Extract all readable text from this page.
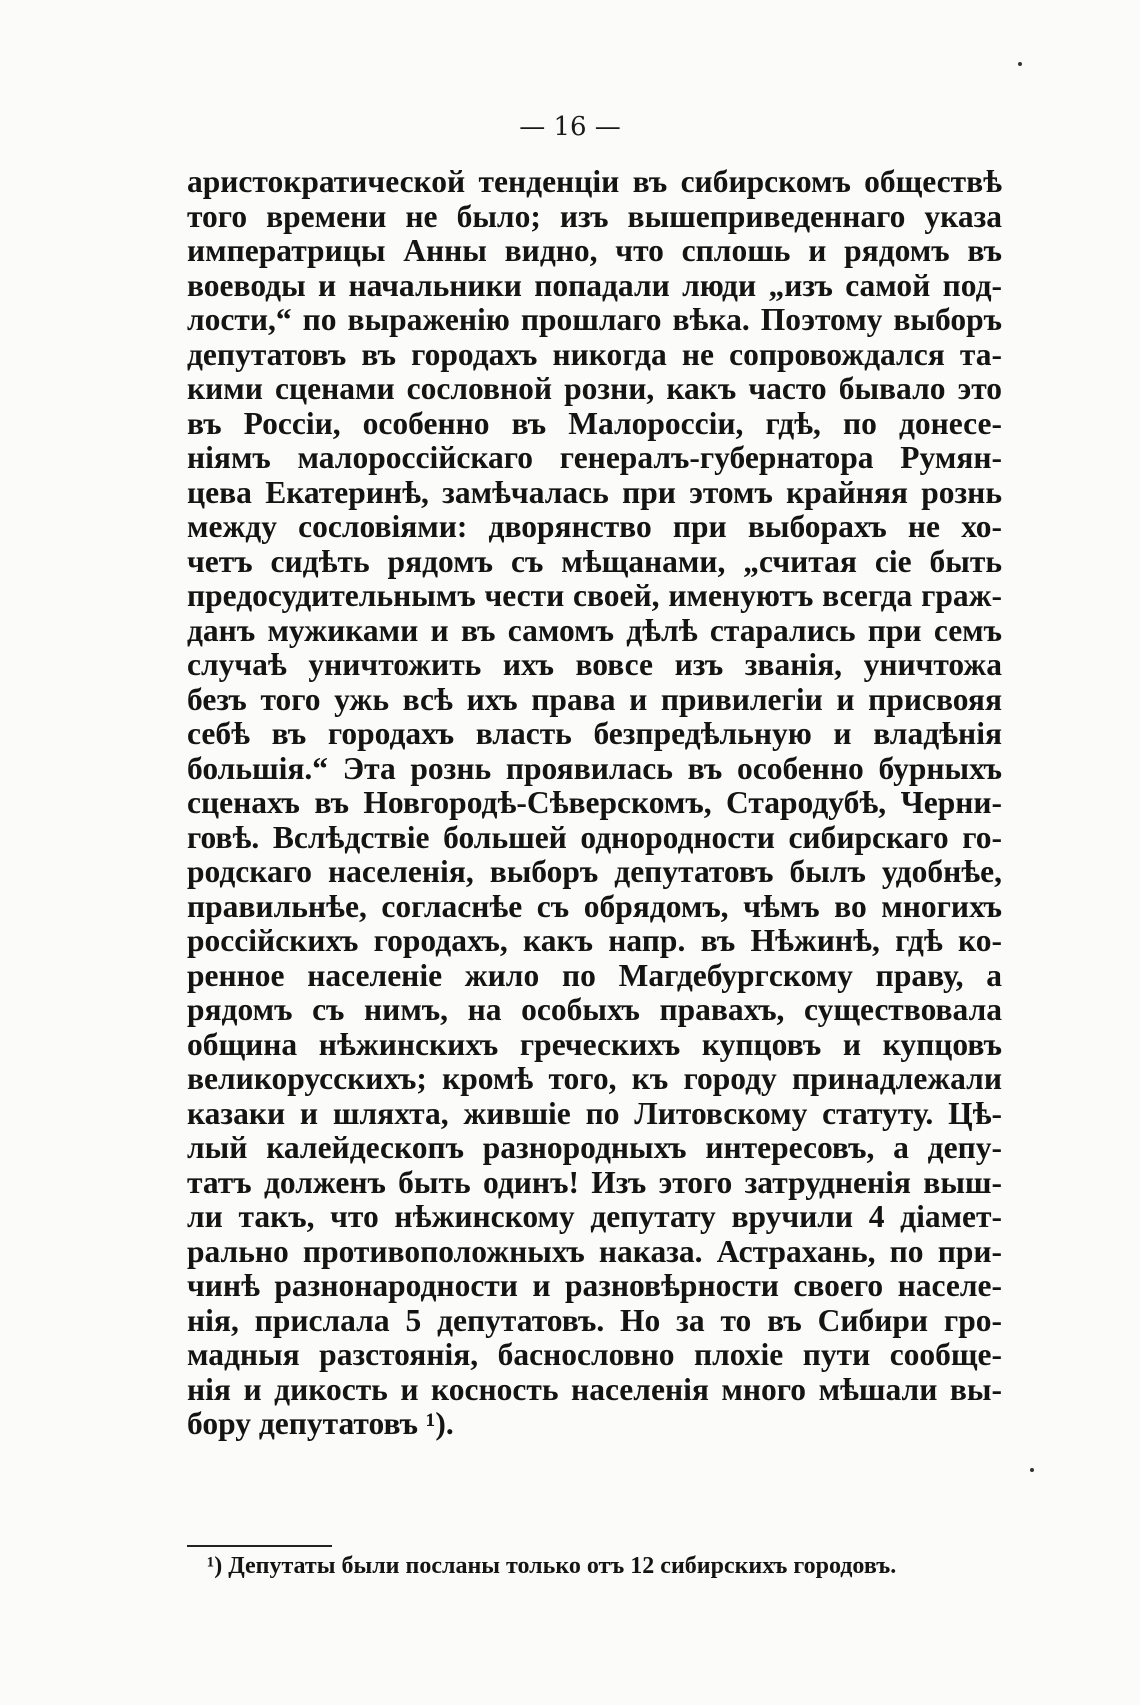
— 16 —
аристократической тенденціи въ сибирскомъ обществѣ
того времени не было; изъ вышеприведеннаго указа
императрицы Анны видно, что сплошь и рядомъ въ
воеводы и начальники попадали люди „изъ самой под-
лости,“ по выраженію прошлаго вѣка. Поэтому выборъ
депутатовъ въ городахъ никогда не сопровождался та-
кими сценами сословной розни, какъ часто бывало это
въ Россіи, особенно въ Малороссіи, гдѣ, по донесе-
ніямъ малороссійскаго генералъ-губернатора Румян-
цева Екатеринѣ, замѣчалась при этомъ крайняя рознь
между сословіями: дворянство при выборахъ не хо-
четъ сидѣть рядомъ съ мѣщанами, „считая сіе быть
предосудительнымъ чести своей, именуютъ всегда граж-
данъ мужиками и въ самомъ дѣлѣ старались при семъ
случаѣ уничтожить ихъ вовсе изъ званія, уничтожа
безъ того ужь всѣ ихъ права и привилегіи и присвояя
себѣ въ городахъ власть безпредѣльную и владѣнія
большія.“ Эта рознь проявилась въ особенно бурныхъ
сценахъ въ Новгородѣ-Сѣверскомъ, Стародубѣ, Черни-
говѣ. Вслѣдствіе большей однородности сибирскаго го-
родскаго населенія, выборъ депутатовъ былъ удобнѣе,
правильнѣе, согласнѣе съ обрядомъ, чѣмъ во многихъ
россійскихъ городахъ, какъ напр. въ Нѣжинѣ, гдѣ ко-
ренное населеніе жило по Магдебургскому праву, а
рядомъ съ нимъ, на особыхъ правахъ, существовала
община нѣжинскихъ греческихъ купцовъ и купцовъ
великорусскихъ; кромѣ того, къ городу принадлежали
казаки и шляхта, жившіе по Литовскому статуту. Цѣ-
лый калейдескопъ разнородныхъ интересовъ, а депу-
татъ долженъ быть одинъ! Изъ этого затрудненія выш-
ли такъ, что нѣжинскому депутату вручили 4 діамет-
рально противоположныхъ наказа. Астрахань, по при-
чинѣ разнонародности и разновѣрности своего населе-
нія, прислала 5 депутатовъ. Но за то въ Сибири гро-
мадныя разстоянія, баснословно плохіе пути сообще-
нія и дикость и косность населенія много мѣшали вы-
бору депутатовъ ¹).
¹) Депутаты были посланы только отъ 12 сибирскихъ городовъ.
